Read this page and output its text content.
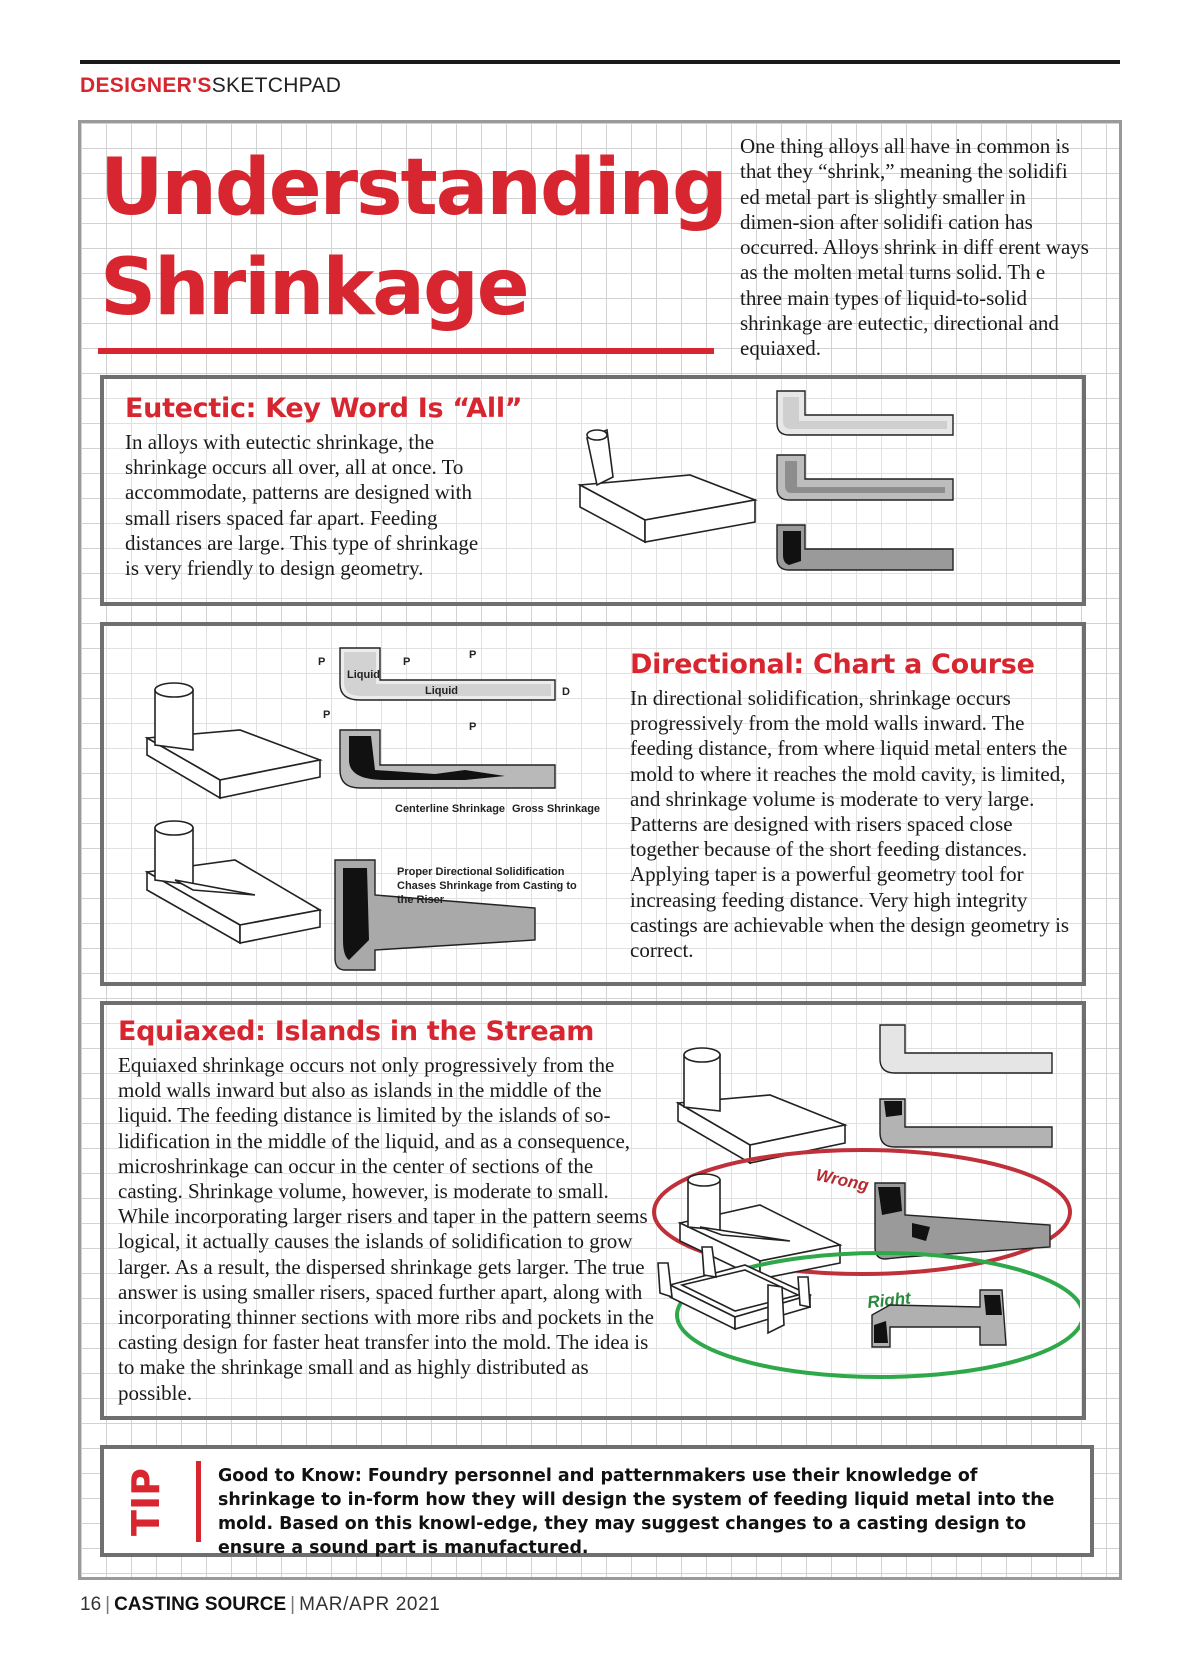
DESIGNER'SSKETCHPAD
Understanding
Shrinkage
One thing alloys all have in common is that they “shrink,” meaning the solidifi ed metal part is slightly smaller in dimen-sion after solidifi cation has occurred. Alloys shrink in diff erent ways as the molten metal turns solid. Th e three main types of liquid-to-solid shrinkage are eutectic, directional and equiaxed.
Eutectic: Key Word Is “All”
In alloys with eutectic shrinkage, the shrinkage occurs all over, all at once. To accommodate, patterns are designed with small risers spaced far apart. Feeding distances are large. This type of shrinkage is very friendly to design geometry.
Directional: Chart a Course
In directional solidification, shrinkage occurs progressively from the mold walls inward. The feeding distance, from where liquid metal enters the mold to where it reaches the mold cavity, is limited, and shrinkage volume is moderate to very large. Patterns are designed with risers spaced close together because of the short feeding distances. Applying taper is a powerful geometry tool for increasing feeding distance. Very high integrity castings are achievable when the design geometry is correct.
P	P
P
P
P
D
Liquid
Liquid
Centerline Shrinkage Gross Shrinkage
Proper Directional Solidification
Chases Shrinkage from Casting to
the Riser
Equiaxed: Islands in the Stream
Equiaxed shrinkage occurs not only progressively from the mold walls inward but also as islands in the middle of the liquid. The feeding distance is limited by the islands of so-lidification in the middle of the liquid, and as a consequence, microshrinkage can occur in the center of sections of the casting. Shrinkage volume, however, is moderate to small. While incorporating larger risers and taper in the pattern seems logical, it actually causes the islands of solidification to grow larger. As a result, the dispersed shrinkage gets larger. The true answer is using smaller risers, spaced further apart, along with incorporating thinner sections with more ribs and pockets in the casting design for faster heat transfer into the mold. The idea is to make the shrinkage small and as highly distributed as possible.
Wrong
Right
TIP	Good to Know: Foundry personnel and patternmakers use their knowledge of shrinkage to in-form how they will design the system of feeding liquid metal into the mold. Based on this knowl-edge, they may suggest changes to a casting design to ensure a sound part is manufactured.
16 | CASTING SOURCE | MAR/APR 2021
